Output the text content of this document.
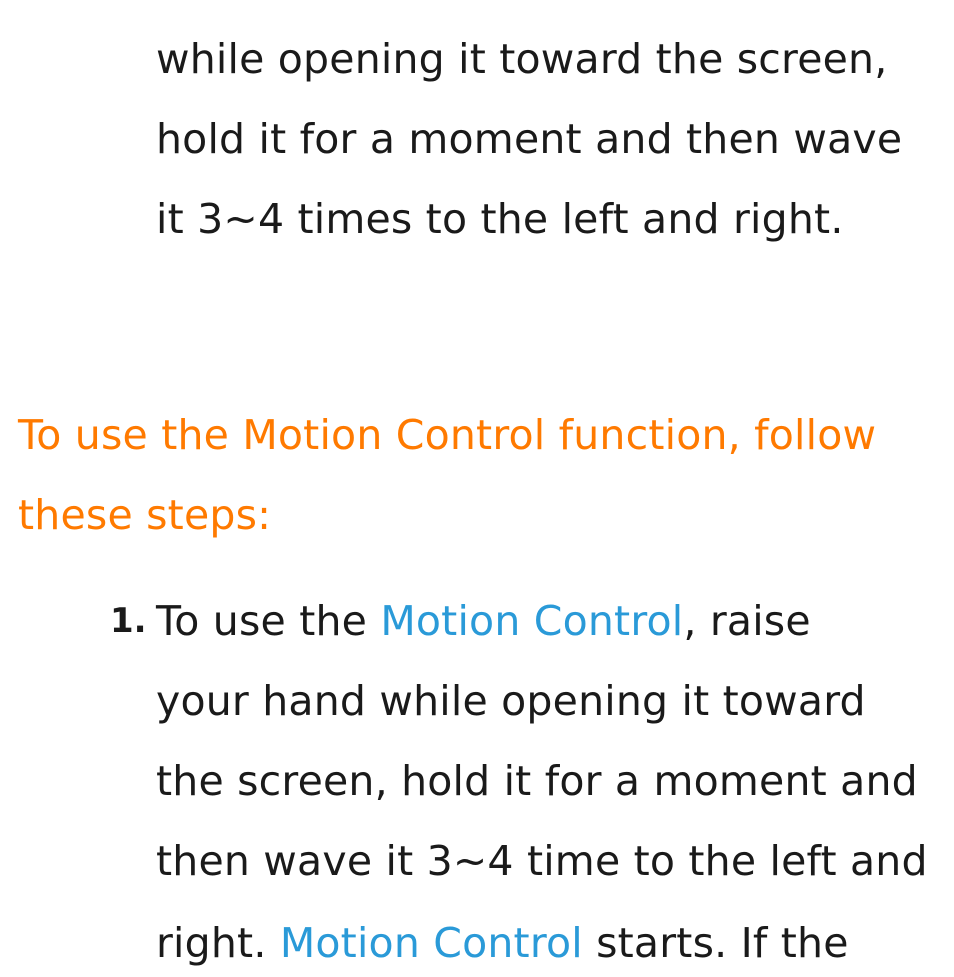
while opening it toward the screen,
hold it for a moment and then wave
it 3~4 times to the left and right.
To use the Motion Control function, follow
these steps:
1. To use the Motion Control, raise
your hand while opening it toward
the screen, hold it for a moment and
then wave it 3~4 time to the left and
right. Motion Control starts. If the
